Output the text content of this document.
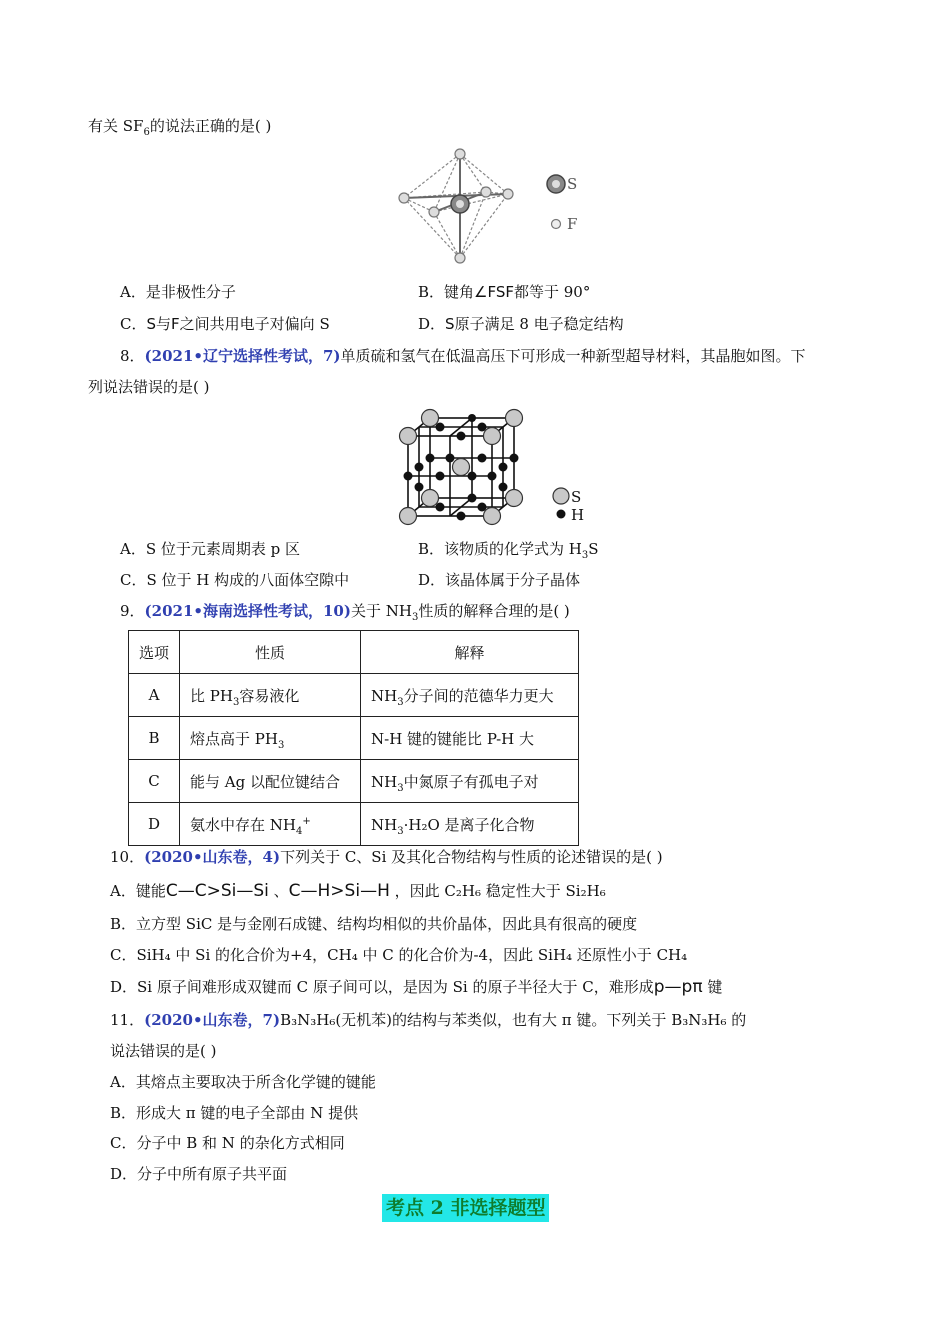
有关 $SF_6$的说法正确的是( )
S
F
A．是非极性分子	B．键角∠FSF都等于 90°
C．S与F之间共用电子对偏向 S	D．S原子满足 8 电子稳定结构
8．(2021•辽宁选择性考试，7)单质硫和氢气在低温高压下可形成一种新型超导材料，其晶胞如图。下
列说法错误的是( )
S
H
A．S 位于元素周期表 p 区	B．该物质的化学式为 $H_3S$
C．S 位于 H 构成的八面体空隙中	D．该晶体属于分子晶体
9．(2021•海南选择性考试，10)关于 $NH_3$性质的解释合理的是( )
选项	性质	解释
A	比 $PH_3$容易液化	$NH_3$分子间的范德华力更大
B	熔点高于 $PH_3$	N-H 键的键能比 P-H 大
C	能与 Ag 以配位键结合	$NH_3$中氮原子有孤电子对
D	氨水中存在 $NH_4^+$	$NH_3\cdot H_2O$ 是离子化合物
10．(2020•山东卷，4)下列关于 C、Si 及其化合物结构与性质的论述错误的是( )
A．键能C—C>Si—Si 、C—H>Si—H ，因此 C₂H₆ 稳定性大于 Si₂H₆
B．立方型 SiC 是与金刚石成键、结构均相似的共价晶体，因此具有很高的硬度
C．SiH₄ 中 Si 的化合价为+4，CH₄ 中 C 的化合价为-4，因此 SiH₄ 还原性小于 CH₄
D．Si 原子间难形成双键而 C 原子间可以，是因为 Si 的原子半径大于 C，难形成p—pπ 键
11．(2020•山东卷，7)B₃N₃H₆(无机苯)的结构与苯类似，也有大 π 键。下列关于 B₃N₃H₆ 的
说法错误的是( )
A．其熔点主要取决于所含化学键的键能
B．形成大 π 键的电子全部由 N 提供
C．分子中 B 和 N 的杂化方式相同
D．分子中所有原子共平面
考点 2 非选择题型
